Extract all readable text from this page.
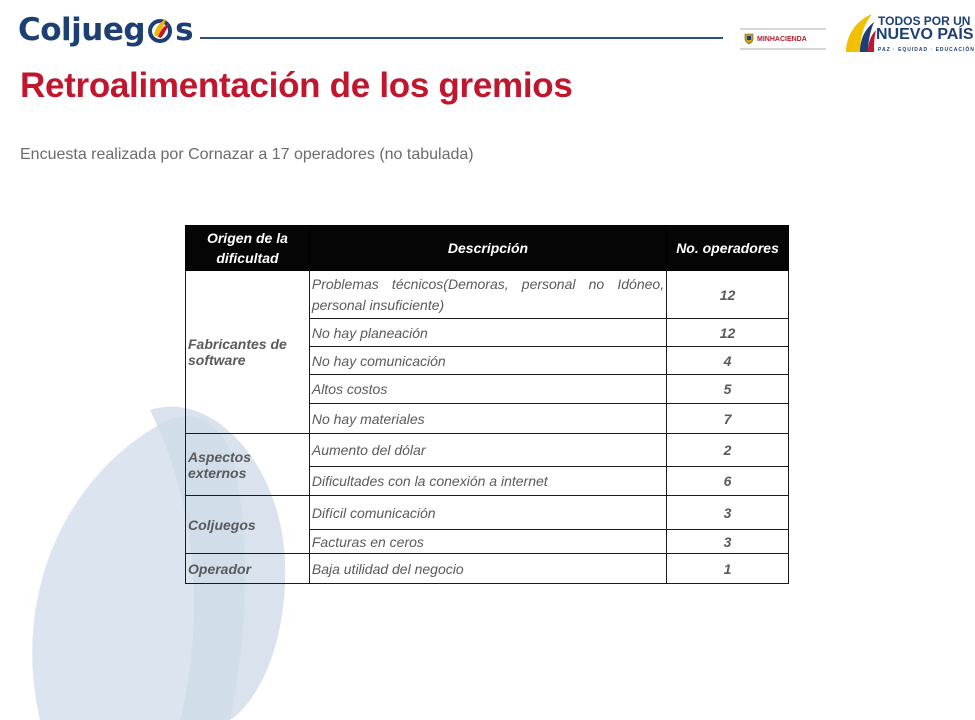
Coljueg s	MINHACIENDA
TODOS POR UN
NUEVO PAÍS
PAZ · EQUIDAD · EDUCACIÓN
Retroalimentación de los gremios
Encuesta realizada por Cornazar a 17 operadores (no tabulada)
Origen de la dificultad	Descripción	No. operadores
Fabricantes de software	Problemas técnicos(Demoras, personal no Idóneo, personal insuficiente)	12
	No hay planeación	12
	No hay comunicación	4
	Altos costos	5
	No hay materiales	7
Aspectos externos	Aumento del dólar	2
	Dificultades con la conexión a internet	6
Coljuegos	Difícil comunicación	3
	Facturas en ceros	3
Operador	Baja utilidad del negocio	1
